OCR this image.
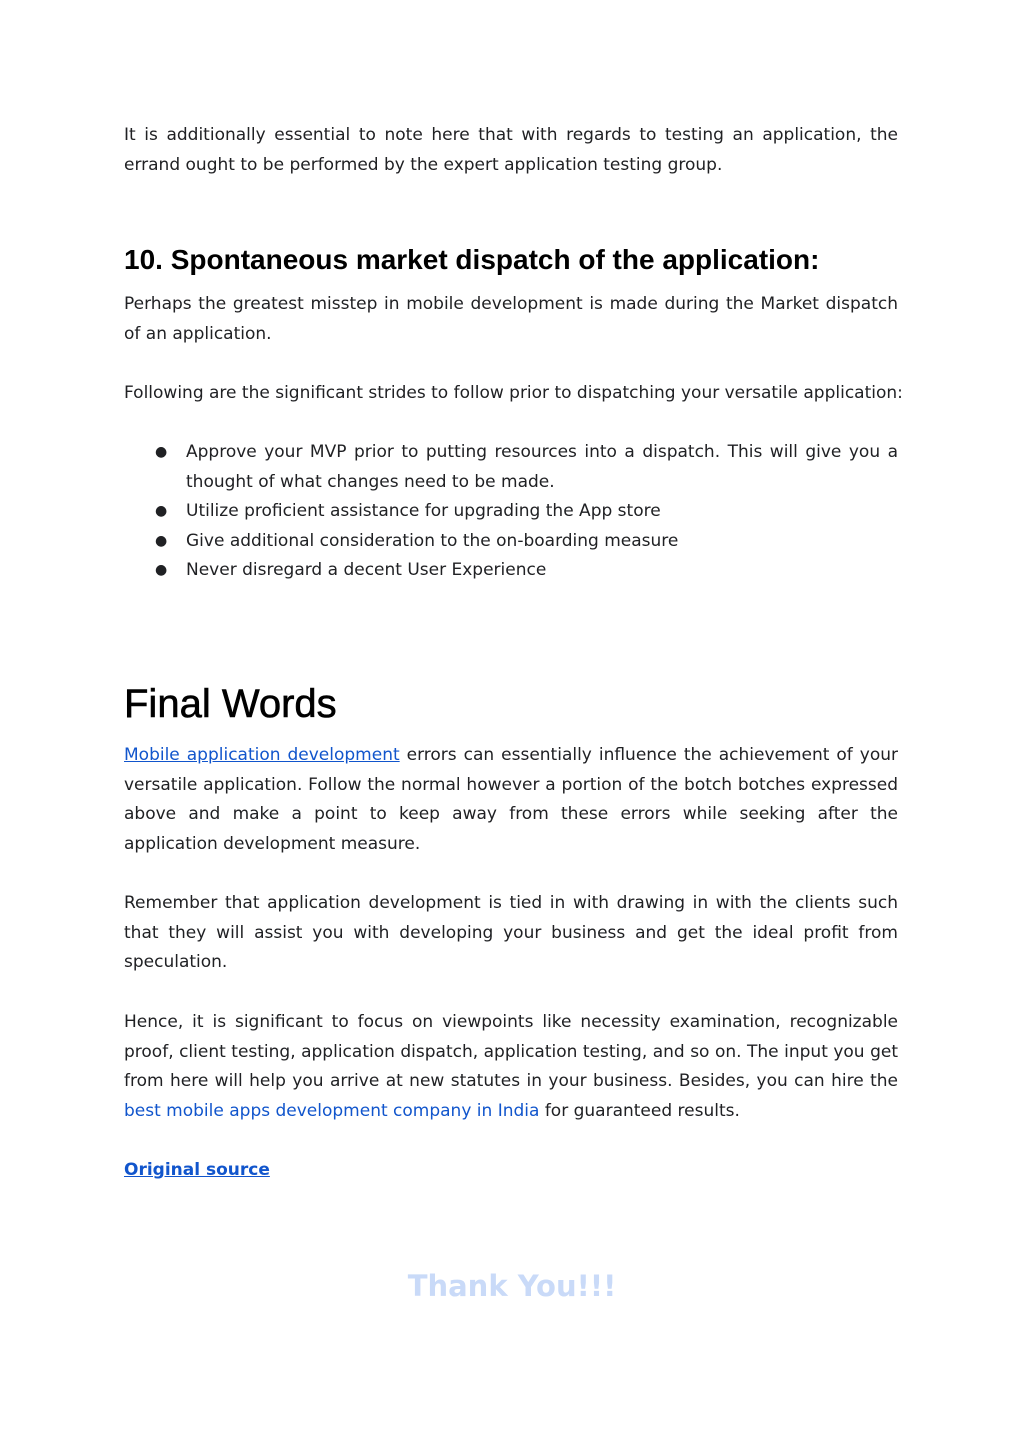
It is additionally essential to note here that with regards to testing an application, the errand ought to be performed by the expert application testing group.

10. Spontaneous market dispatch of the application:

Perhaps the greatest misstep in mobile development is made during the Market dispatch of an application.

Following are the significant strides to follow prior to dispatching your versatile application:

● Approve your MVP prior to putting resources into a dispatch. This will give you a thought of what changes need to be made.
● Utilize proficient assistance for upgrading the App store
● Give additional consideration to the on-boarding measure
● Never disregard a decent User Experience
Final Words

Mobile application development errors can essentially influence the achievement of your versatile application. Follow the normal however a portion of the botch botches expressed above and make a point to keep away from these errors while seeking after the application development measure.

Remember that application development is tied in with drawing in with the clients such that they will assist you with developing your business and get the ideal profit from speculation.

Hence, it is significant to focus on viewpoints like necessity examination, recognizable proof, client testing, application dispatch, application testing, and so on. The input you get from here will help you arrive at new statutes in your business. Besides, you can hire the best mobile apps development company in India for guaranteed results.

Original source

Thank You!!!
